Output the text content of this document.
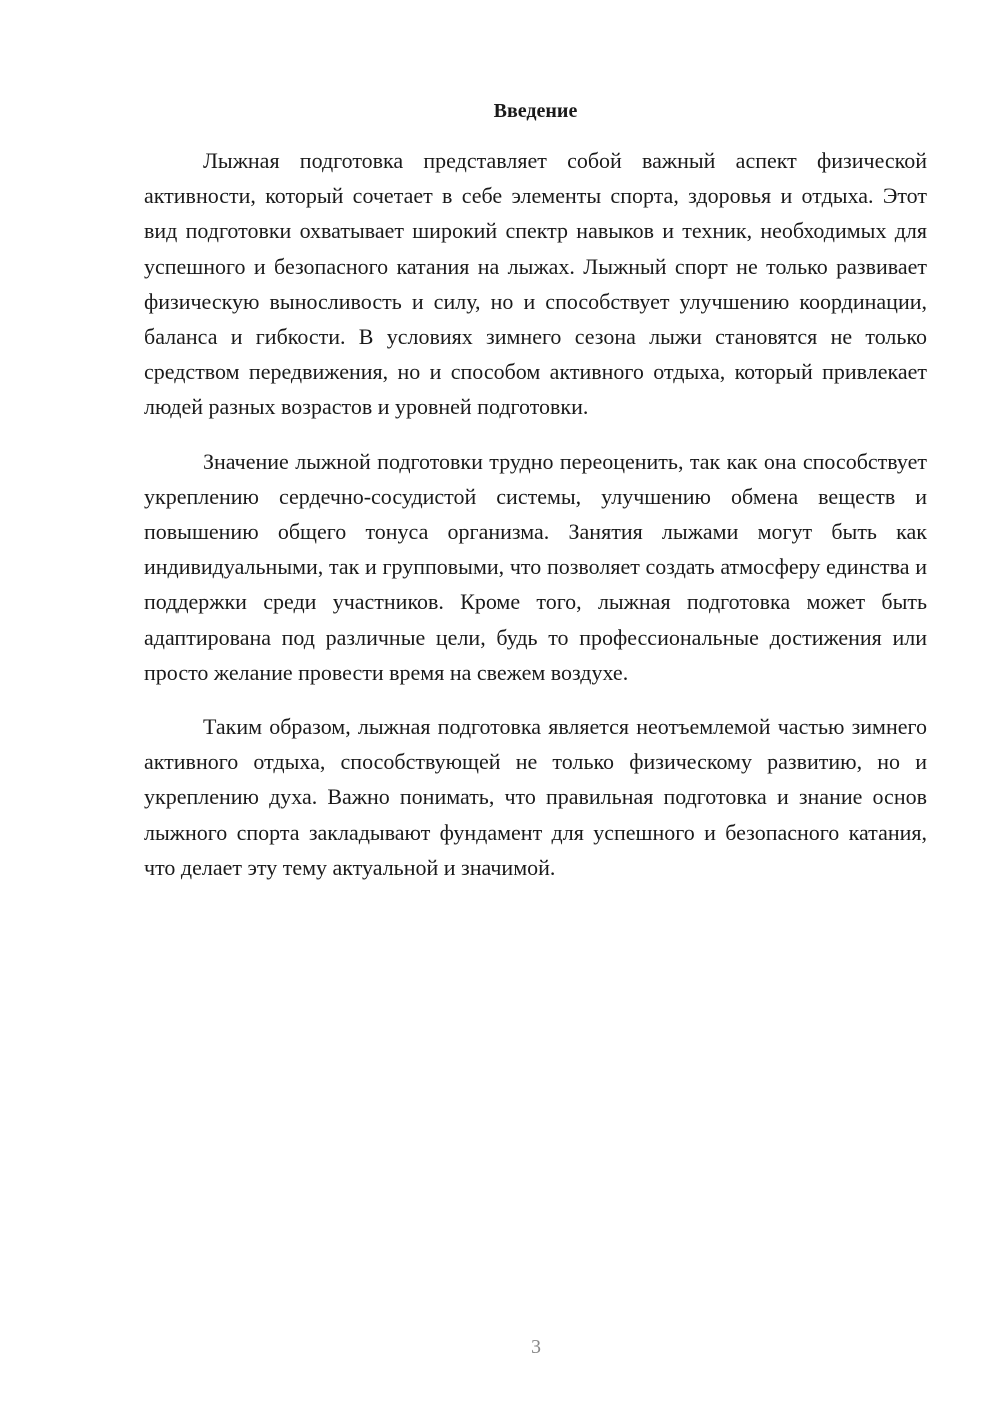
Введение

Лыжная подготовка представляет собой важный аспект физической активности, который сочетает в себе элементы спорта, здоровья и отдыха. Этот вид подготовки охватывает широкий спектр навыков и техник, необходимых для успешного и безопасного катания на лыжах. Лыжный спорт не только развивает физическую выносливость и силу, но и способствует улучшению координации, баланса и гибкости. В условиях зимнего сезона лыжи становятся не только средством передвижения, но и способом активного отдыха, который привлекает людей разных возрастов и уровней подготовки.

Значение лыжной подготовки трудно переоценить, так как она способствует укреплению сердечно-сосудистой системы, улучшению обмена веществ и повышению общего тонуса организма. Занятия лыжами могут быть как индивидуальными, так и групповыми, что позволяет создать атмосферу единства и поддержки среди участников. Кроме того, лыжная подготовка может быть адаптирована под различные цели, будь то профессиональные достижения или просто желание провести время на свежем воздухе.

Таким образом, лыжная подготовка является неотъемлемой частью зимнего активного отдыха, способствующей не только физическому развитию, но и укреплению духа. Важно понимать, что правильная подготовка и знание основ лыжного спорта закладывают фундамент для успешного и безопасного катания, что делает эту тему актуальной и значимой.

3
